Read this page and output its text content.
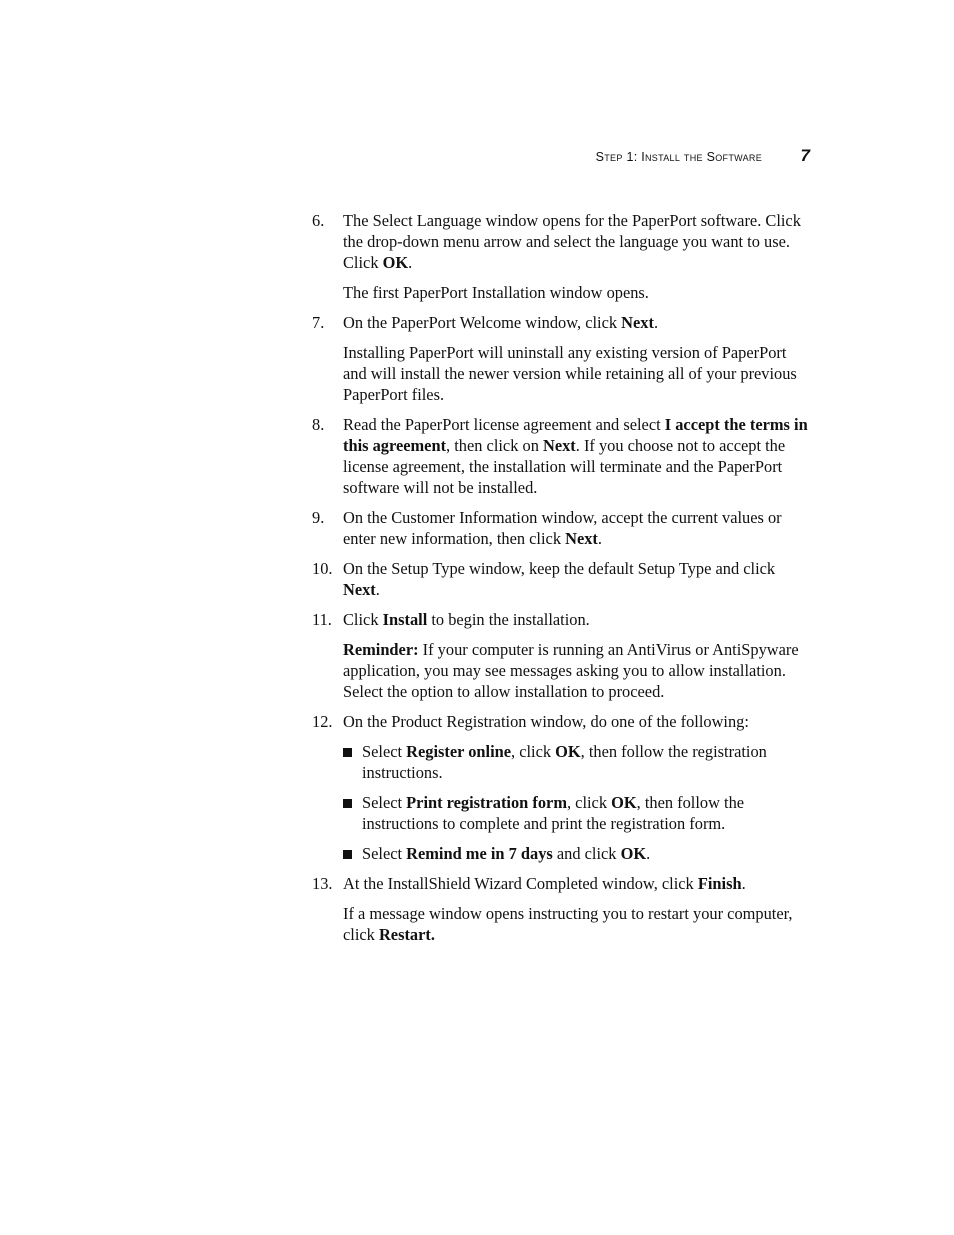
Step 1: Install the Software 7
6. The Select Language window opens for the PaperPort software. Click the drop-down menu arrow and select the language you want to use. Click OK.
The first PaperPort Installation window opens.
7. On the PaperPort Welcome window, click Next.
Installing PaperPort will uninstall any existing version of PaperPort and will install the newer version while retaining all of your previous PaperPort files.
8. Read the PaperPort license agreement and select I accept the terms in this agreement, then click on Next. If you choose not to accept the license agreement, the installation will terminate and the PaperPort software will not be installed.
9. On the Customer Information window, accept the current values or enter new information, then click Next.
10. On the Setup Type window, keep the default Setup Type and click Next.
11. Click Install to begin the installation.
Reminder: If your computer is running an AntiVirus or AntiSpyware application, you may see messages asking you to allow installation. Select the option to allow installation to proceed.
12. On the Product Registration window, do one of the following:
Select Register online, click OK, then follow the registration instructions.
Select Print registration form, click OK, then follow the instructions to complete and print the registration form.
Select Remind me in 7 days and click OK.
13. At the InstallShield Wizard Completed window, click Finish.
If a message window opens instructing you to restart your computer, click Restart.
